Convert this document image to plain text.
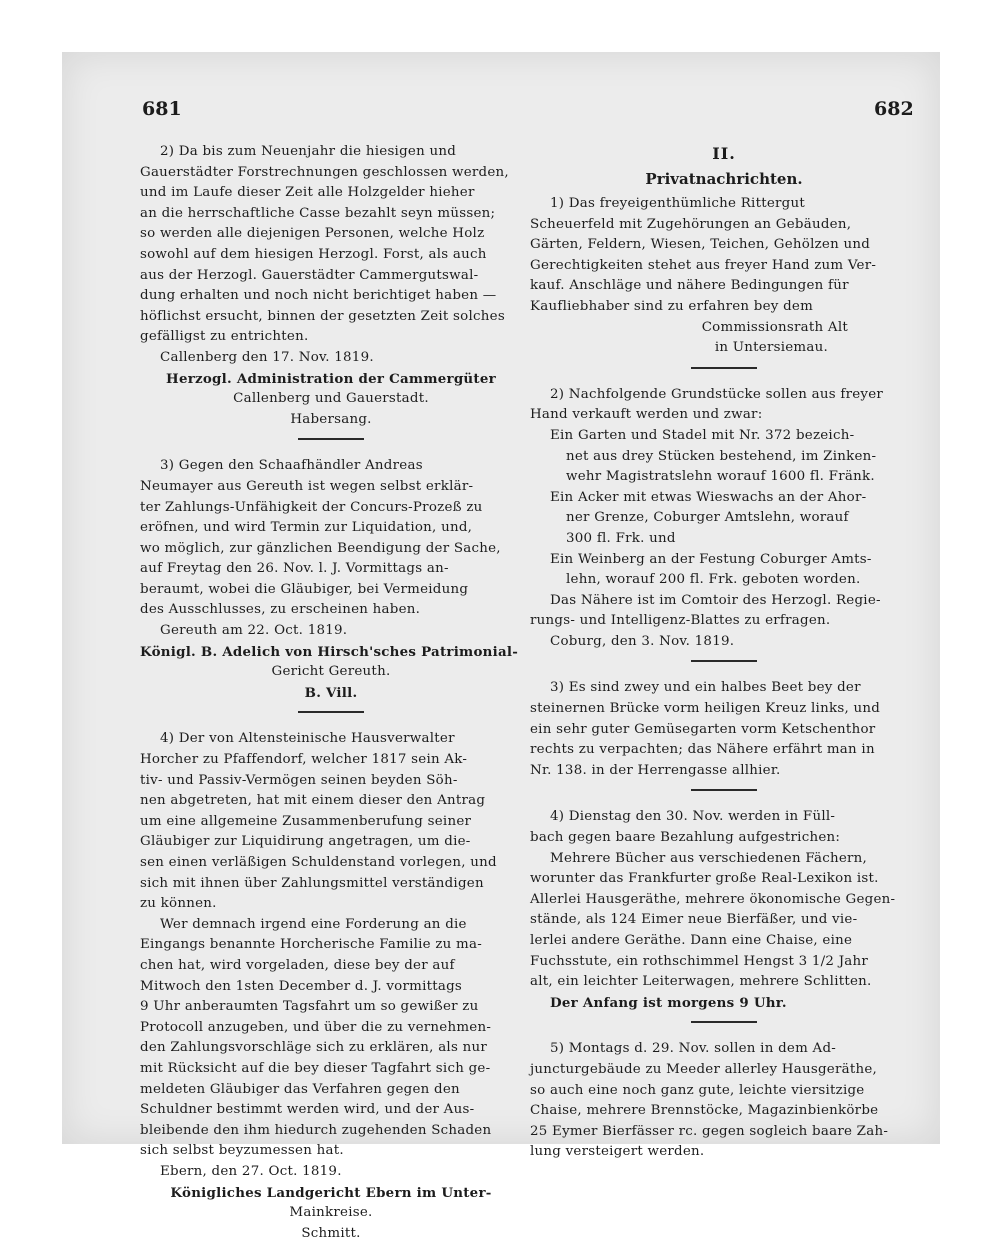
681	682

2) Da bis zum Neuenjahr die hiesigen und

Gauerstädter Forstrechnungen geschlossen werden,

und im Laufe dieser Zeit alle Holzgelder hieher

an die herrschaftliche Casse bezahlt seyn müssen;

so werden alle diejenigen Personen, welche Holz

sowohl auf dem hiesigen Herzogl. Forst, als auch

aus der Herzogl. Gauerstädter Cammergutswal-

dung erhalten und noch nicht berichtiget haben —

höflichst ersucht, binnen der gesetzten Zeit solches

gefälligst zu entrichten.

Callenberg den 17. Nov. 1819.

Herzogl. Administration der Cammergüter

Callenberg und Gauerstadt.

Habersang.

3) Gegen den Schaafhändler Andreas

Neumayer aus Gereuth ist wegen selbst erklär-

ter Zahlungs-Unfähigkeit der Concurs-Prozeß zu

eröfnen, und wird Termin zur Liquidation, und,

wo möglich, zur gänzlichen Beendigung der Sache,

auf Freytag den 26. Nov. l. J. Vormittags an-

beraumt, wobei die Gläubiger, bei Vermeidung

des Ausschlusses, zu erscheinen haben.

Gereuth am 22. Oct. 1819.

Königl. B. Adelich von Hirsch'sches Patrimonial-

Gericht Gereuth.

B. Vill.

4) Der von Altensteinische Hausverwalter

Horcher zu Pfaffendorf, welcher 1817 sein Ak-

tiv- und Passiv-Vermögen seinen beyden Söh-

nen abgetreten, hat mit einem dieser den Antrag

um eine allgemeine Zusammenberufung seiner

Gläubiger zur Liquidirung angetragen, um die-

sen einen verläßigen Schuldenstand vorlegen, und

sich mit ihnen über Zahlungsmittel verständigen

zu können.

Wer demnach irgend eine Forderung an die

Eingangs benannte Horcherische Familie zu ma-

chen hat, wird vorgeladen, diese bey der auf

Mitwoch den 1sten December d. J. vormittags

9 Uhr anberaumten Tagsfahrt um so gewißer zu

Protocoll anzugeben, und über die zu vernehmen-

den Zahlungsvorschläge sich zu erklären, als nur

mit Rücksicht auf die bey dieser Tagfahrt sich ge-

meldeten Gläubiger das Verfahren gegen den

Schuldner bestimmt werden wird, und der Aus-

bleibende den ihm hiedurch zugehenden Schaden

sich selbst beyzumessen hat.

Ebern, den 27. Oct. 1819.

Königliches Landgericht Ebern im Unter-

Mainkreise.

Schmitt.

II.
Privatnachrichten.

1) Das freyeigenthümliche Rittergut

Scheuerfeld mit Zugehörungen an Gebäuden,

Gärten, Feldern, Wiesen, Teichen, Gehölzen und

Gerechtigkeiten stehet aus freyer Hand zum Ver-

kauf. Anschläge und nähere Bedingungen für

Kaufliebhaber sind zu erfahren bey dem

Commissionsrath Alt

in Untersiemau.

2) Nachfolgende Grundstücke sollen aus freyer

Hand verkauft werden und zwar:

Ein Garten und Stadel mit Nr. 372 bezeich-

net aus drey Stücken bestehend, im Zinken-

wehr Magistratslehn worauf 1600 fl. Fränk.

Ein Acker mit etwas Wieswachs an der Ahor-

ner Grenze, Coburger Amtslehn, worauf

300 fl. Frk. und

Ein Weinberg an der Festung Coburger Amts-

lehn, worauf 200 fl. Frk. geboten worden.

Das Nähere ist im Comtoir des Herzogl. Regie-

rungs- und Intelligenz-Blattes zu erfragen.

Coburg, den 3. Nov. 1819.

3) Es sind zwey und ein halbes Beet bey der

steinernen Brücke vorm heiligen Kreuz links, und

ein sehr guter Gemüsegarten vorm Ketschenthor

rechts zu verpachten; das Nähere erfährt man in

Nr. 138. in der Herrengasse allhier.

4) Dienstag den 30. Nov. werden in Füll-

bach gegen baare Bezahlung aufgestrichen:

Mehrere Bücher aus verschiedenen Fächern,

worunter das Frankfurter große Real-Lexikon ist.

Allerlei Hausgeräthe, mehrere ökonomische Gegen-

stände, als 124 Eimer neue Bierfäßer, und vie-

lerlei andere Geräthe. Dann eine Chaise, eine

Fuchsstute, ein rothschimmel Hengst 3 1/2 Jahr

alt, ein leichter Leiterwagen, mehrere Schlitten.

Der Anfang ist morgens 9 Uhr.

5) Montags d. 29. Nov. sollen in dem Ad-

juncturgebäude zu Meeder allerley Hausgeräthe,

so auch eine noch ganz gute, leichte viersitzige

Chaise, mehrere Brennstöcke, Magazinbienkörbe

25 Eymer Bierfässer rc. gegen sogleich baare Zah-

lung versteigert werden.
